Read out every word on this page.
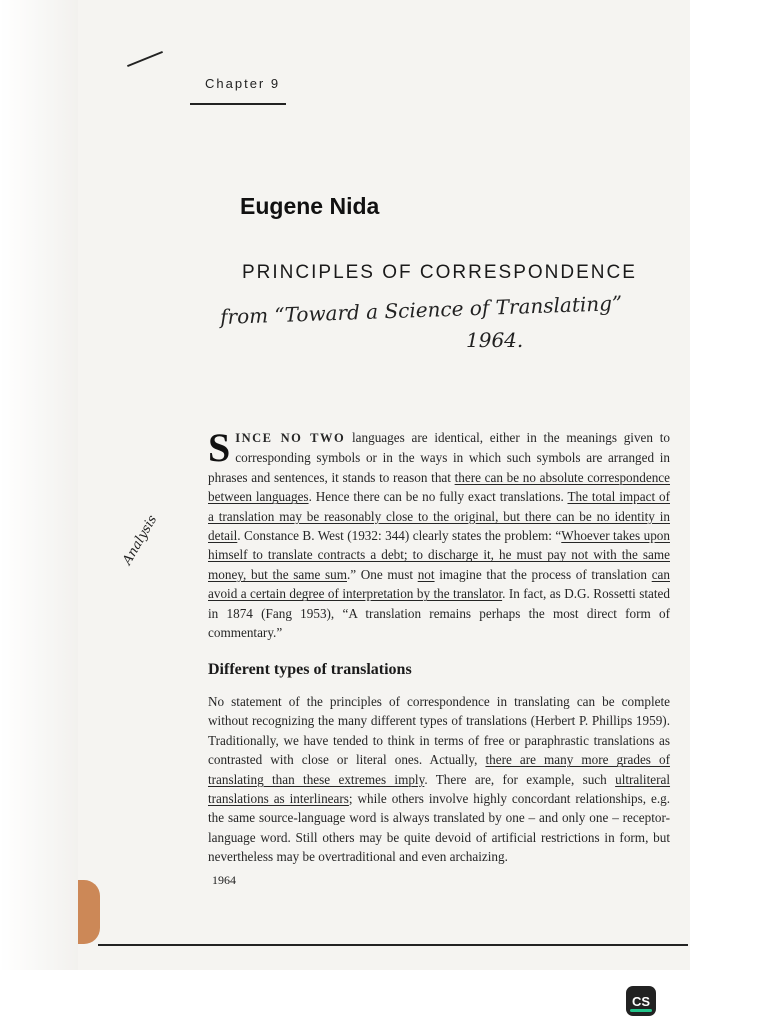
Chapter 9
Eugene Nida
PRINCIPLES OF CORRESPONDENCE
from “Toward a Science of Translating”
1964.
Analysis
SINCE NO TWO languages are identical, either in the meanings given to corresponding symbols or in the ways in which such symbols are arranged in phrases and sentences, it stands to reason that there can be no absolute correspondence between languages. Hence there can be no fully exact translations. The total impact of a translation may be reasonably close to the original, but there can be no identity in detail. Constance B. West (1932: 344) clearly states the problem: “Whoever takes upon himself to translate contracts a debt; to discharge it, he must pay not with the same money, but the same sum.” One must not imagine that the process of translation can avoid a certain degree of interpretation by the translator. In fact, as D.G. Rossetti stated in 1874 (Fang 1953), “A translation remains perhaps the most direct form of commentary.”
Different types of translations
No statement of the principles of correspondence in translating can be complete without recognizing the many different types of translations (Herbert P. Phillips 1959). Traditionally, we have tended to think in terms of free or paraphrastic translations as contrasted with close or literal ones. Actually, there are many more grades of translating than these extremes imply. There are, for example, such ultraliteral translations as interlinears; while others involve highly concordant relationships, e.g. the same source-language word is always translated by one – and only one – receptor-language word. Still others may be quite devoid of artificial restrictions in form, but nevertheless may be overtraditional and even archaizing.
1964
CS
